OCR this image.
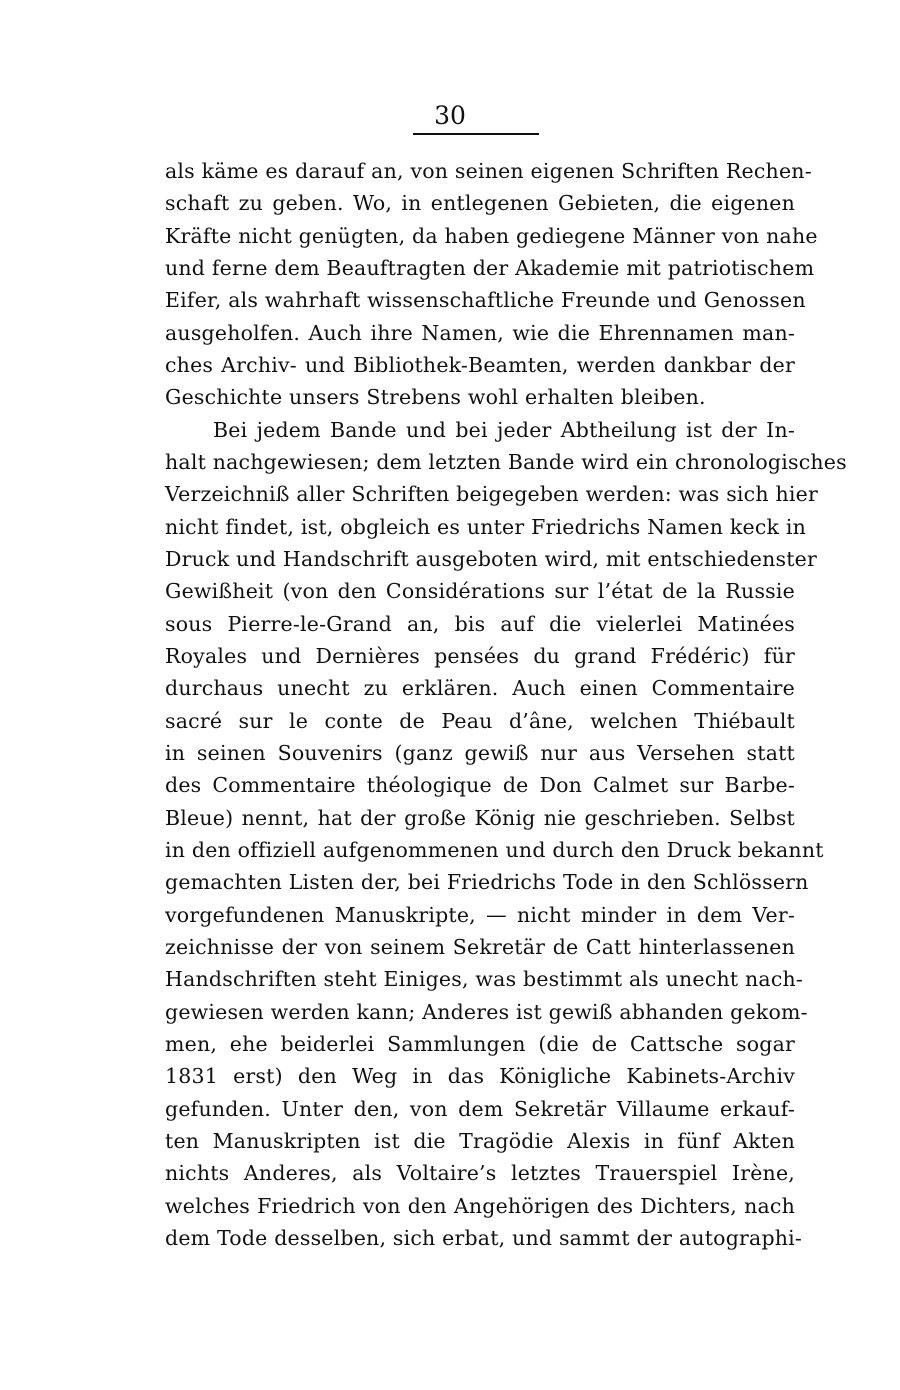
30
als käme es darauf an, von seinen eigenen Schriften Rechen-
schaft zu geben. Wo, in entlegenen Gebieten, die eigenen
Kräfte nicht genügten, da haben gediegene Männer von nahe
und ferne dem Beauftragten der Akademie mit patriotischem
Eifer, als wahrhaft wissenschaftliche Freunde und Genossen
ausgeholfen. Auch ihre Namen, wie die Ehrennamen man-
ches Archiv- und Bibliothek-Beamten, werden dankbar der
Geschichte unsers Strebens wohl erhalten bleiben.
Bei jedem Bande und bei jeder Abtheilung ist der In-
halt nachgewiesen; dem letzten Bande wird ein chronologisches
Verzeichniß aller Schriften beigegeben werden: was sich hier
nicht findet, ist, obgleich es unter Friedrichs Namen keck in
Druck und Handschrift ausgeboten wird, mit entschiedenster
Gewißheit (von den Considérations sur l’état de la Russie
sous Pierre-le-Grand an, bis auf die vielerlei Matinées
Royales und Dernières pensées du grand Frédéric) für
durchaus unecht zu erklären. Auch einen Commentaire
sacré sur le conte de Peau d’âne, welchen Thiébault
in seinen Souvenirs (ganz gewiß nur aus Versehen statt
des Commentaire théologique de Don Calmet sur Barbe-
Bleue) nennt, hat der große König nie geschrieben. Selbst
in den offiziell aufgenommenen und durch den Druck bekannt
gemachten Listen der, bei Friedrichs Tode in den Schlössern
vorgefundenen Manuskripte, — nicht minder in dem Ver-
zeichnisse der von seinem Sekretär de Catt hinterlassenen
Handschriften steht Einiges, was bestimmt als unecht nach-
gewiesen werden kann; Anderes ist gewiß abhanden gekom-
men, ehe beiderlei Sammlungen (die de Cattsche sogar
1831 erst) den Weg in das Königliche Kabinets-Archiv
gefunden. Unter den, von dem Sekretär Villaume erkauf-
ten Manuskripten ist die Tragödie Alexis in fünf Akten
nichts Anderes, als Voltaire’s letztes Trauerspiel Irène,
welches Friedrich von den Angehörigen des Dichters, nach
dem Tode desselben, sich erbat, und sammt der autographi-
